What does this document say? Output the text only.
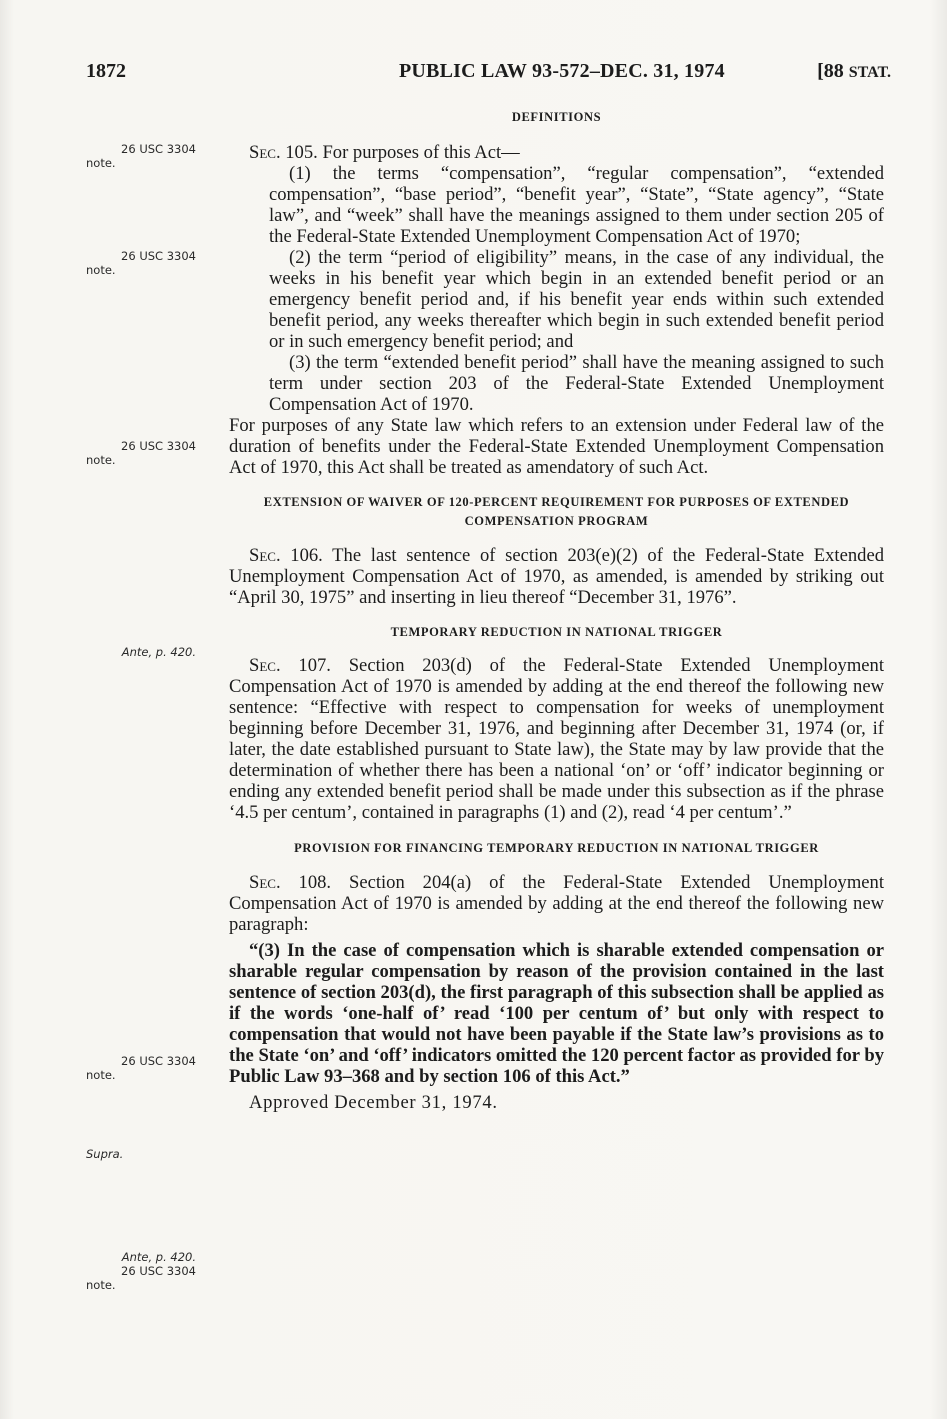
1872	PUBLIC LAW 93-572–DEC. 31, 1974	[88 STAT.
26 USC 3304
note.
26 USC 3304
note.
26 USC 3304
note.
Ante, p. 420.
26 USC 3304
note.
Supra.
Ante, p. 420.
26 USC 3304
note.
DEFINITIONS

Sec. 105. For purposes of this Act—

(1) the terms “compensation”, “regular compensation”, “extended compensation”, “base period”, “benefit year”, “State”, “State agency”, “State law”, and “week” shall have the meanings assigned to them under section 205 of the Federal-State Extended Unemployment Compensation Act of 1970;

(2) the term “period of eligibility” means, in the case of any individual, the weeks in his benefit year which begin in an extended benefit period or an emergency benefit period and, if his benefit year ends within such extended benefit period, any weeks thereafter which begin in such extended benefit period or in such emergency benefit period; and

(3) the term “extended benefit period” shall have the meaning assigned to such term under section 203 of the Federal-State Extended Unemployment Compensation Act of 1970.

For purposes of any State law which refers to an extension under Federal law of the duration of benefits under the Federal-State Extended Unemployment Compensation Act of 1970, this Act shall be treated as amendatory of such Act.

EXTENSION OF WAIVER OF 120-PERCENT REQUIREMENT FOR PURPOSES OF EXTENDED COMPENSATION PROGRAM

Sec. 106. The last sentence of section 203(e)(2) of the Federal-State Extended Unemployment Compensation Act of 1970, as amended, is amended by striking out “April 30, 1975” and inserting in lieu thereof “December 31, 1976”.

TEMPORARY REDUCTION IN NATIONAL TRIGGER

Sec. 107. Section 203(d) of the Federal-State Extended Unemployment Compensation Act of 1970 is amended by adding at the end thereof the following new sentence: “Effective with respect to compensation for weeks of unemployment beginning before December 31, 1976, and beginning after December 31, 1974 (or, if later, the date established pursuant to State law), the State may by law provide that the determination of whether there has been a national ‘on’ or ‘off’ indicator beginning or ending any extended benefit period shall be made under this subsection as if the phrase ‘4.5 per centum’, contained in paragraphs (1) and (2), read ‘4 per centum’.”

PROVISION FOR FINANCING TEMPORARY REDUCTION IN NATIONAL TRIGGER

Sec. 108. Section 204(a) of the Federal-State Extended Unemployment Compensation Act of 1970 is amended by adding at the end thereof the following new paragraph:

“(3) In the case of compensation which is sharable extended compensation or sharable regular compensation by reason of the provision contained in the last sentence of section 203(d), the first paragraph of this subsection shall be applied as if the words ‘one-half of’ read ‘100 per centum of’ but only with respect to compensation that would not have been payable if the State law’s provisions as to the State ‘on’ and ‘off’ indicators omitted the 120 percent factor as provided for by Public Law 93–368 and by section 106 of this Act.”

Approved December 31, 1974.
